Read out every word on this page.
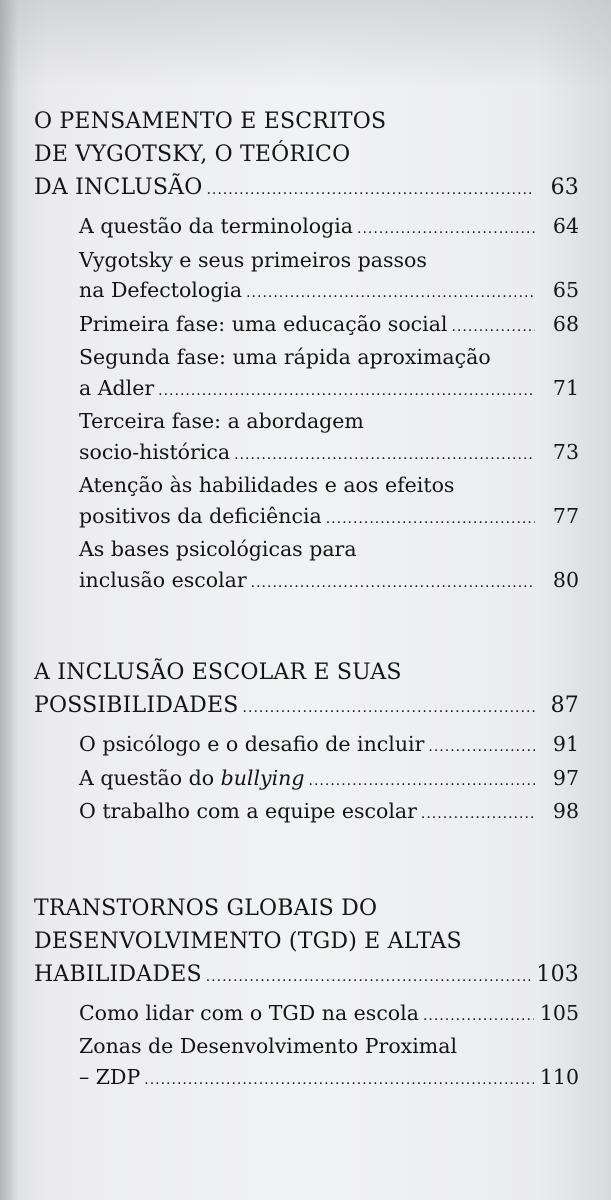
O PENSAMENTO E ESCRITOS
DE VYGOTSKY, O TEÓRICO
DA INCLUSÃO .....	63
A questão da terminologia .....	64
Vygotsky e seus primeiros passos
na Defectologia .....	65
Primeira fase: uma educação social .....	68
Segunda fase: uma rápida aproximação
a Adler .....	71
Terceira fase: a abordagem
socio-histórica .....	73
Atenção às habilidades e aos efeitos
positivos da deficiência .....	77
As bases psicológicas para
inclusão escolar .....	80
A INCLUSÃO ESCOLAR E SUAS
POSSIBILIDADES .....	87
O psicólogo e o desafio de incluir .....	91
A questão do bullying .....	97
O trabalho com a equipe escolar .....	98
TRANSTORNOS GLOBAIS DO
DESENVOLVIMENTO (TGD) E ALTAS
HABILIDADES .....	103
Como lidar com o TGD na escola .....	105
Zonas de Desenvolvimento Proximal
– ZDP .....	110
